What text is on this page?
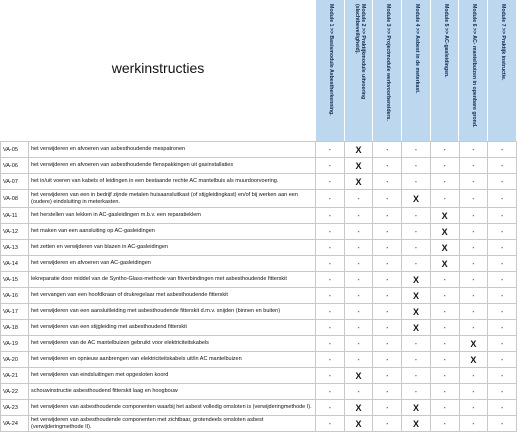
werkinstructies	Module 1 >> Basismodule Asbestherkenning.	Module 2 >> Praktijkmodule uitvoering (slachtbeveiligheid).	Module 3 >> Projectmodule werkvoorbereiders.	Module 4 >> Asbest in de meterkast.	Module 5 >> AC-gasleidingen.	Module 6 >> AC- mantelbuizen in openbare grond.	Module 7 >> Praktijk instructie.
VA-05	het verwijderen en afvoeren van asbesthoudende mespatronen	-	X	-	-	-	-	-
VA-06	het verwijderen en afvoeren van asbesthoudende flenspakkingen uit gasinstallaties	-	X	-	-	-	-	-
VA-07	het in/uit voeren van kabels of leidingen in een bestaande rechte AC mantelbuis als muurdoorvoering.	-	X	-	-	-	-	-
VA-08	het verwijderen van een in bedrijf zijnde metalen huisaansluitkast (of stijgleidingkast) en/of bij werken aan een (oudere) eindsluiting in meterkasten.	-	-	-	X	-	-	-
VA-11	het herstellen van lekken in AC-gasleidingen m.b.v. een reparatieklem	-	-	-	-	X	-	-
VA-12	het maken van een aansluiting op AC-gasleidingen	-	-	-	-	X	-	-
VA-13	het zetten en verwijderen van blazen in AC-gasleidingen	-	-	-	-	X	-	-
VA-14	het verwijderen en afvoeren van AC-gasleidingen	-	-	-	-	X	-	-
VA-15	lekreparatie door middel van de Syntho-Glass-methode van fitverbindingen met asbesthoudende fitterskit	-	-	-	X	-	-	-
VA-16	het vervangen van een hoofdkraan of drukregelaar met asbesthoudende fitterskit	-	-	-	X	-	-	-
VA-17	het verwijderen van een aansluitleiding met asbesthoudende fitterskit d.m.v. snijden (binnen en buiten)	-	-	-	X	-	-	-
VA-18	het verwijderen van een stijgleiding met asbesthoudend fitterskit	-	-	-	X	-	-	-
VA-19	het verwijderen van de AC mantelbuizen gebruikt voor elektriciteitskabels	-	-	-	-	-	X	-
VA-20	het verwijderen en opnieuw aanbrengen van elektriciteitskabels uit/in AC mantelbuizen	-	-	-	-	-	X	-
VA-21	het verwijderen van eindsluitingen met opgesloten koord	-	X	-	-	-	-	-
VA-22	schouwinstructie asbesthoudend fitterskit laag en hoogbouw	-	-	-	-	-	-	-
VA-23	het verwijderen van asbesthoudende componenten waarbij het asbest volledig omsloten is (verwijderingmethode I).	-	X	-	X	-	-	-
VA-24	het verwijderen van asbesthoudende componenten met zichtbaar, grotendeels omsloten asbest (verwijderingmethode II).	-	X	-	X	-	-	-
